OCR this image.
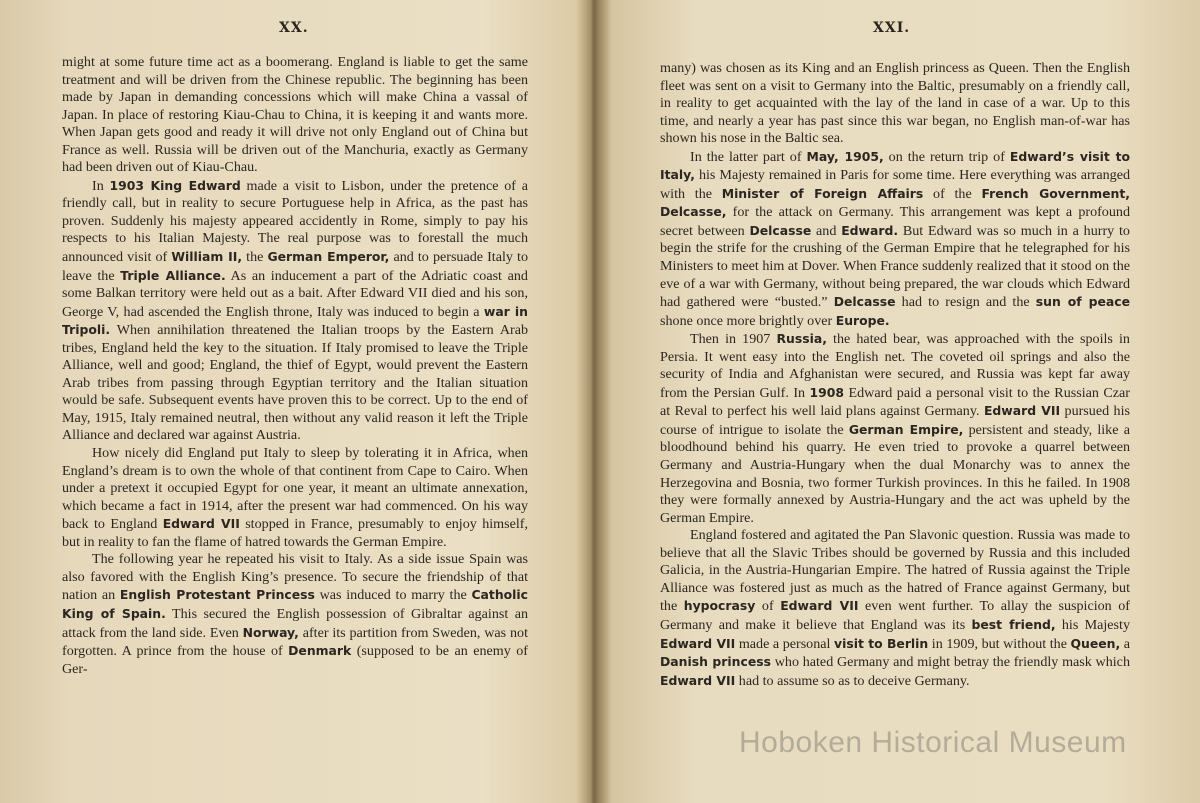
XX.

might at some future time act as a boomerang. England is liable to get the same treatment and will be driven from the Chinese republic. The beginning has been made by Japan in demanding concessions which will make China a vassal of Japan. In place of restoring Kiau-Chau to China, it is keeping it and wants more. When Japan gets good and ready it will drive not only England out of China but France as well. Russia will be driven out of the Manchuria, exactly as Germany had been driven out of Kiau-Chau.

In 1903 King Edward made a visit to Lisbon, under the pretence of a friendly call, but in reality to secure Portuguese help in Africa, as the past has proven. Suddenly his majesty appeared accidently in Rome, simply to pay his respects to his Italian Majesty. The real purpose was to forestall the much announced visit of William II, the German Emperor, and to persuade Italy to leave the Triple Alliance. As an inducement a part of the Adriatic coast and some Balkan territory were held out as a bait. After Edward VII died and his son, George V, had ascended the English throne, Italy was induced to begin a war in Tripoli. When annihilation threatened the Italian troops by the Eastern Arab tribes, England held the key to the situation. If Italy promised to leave the Triple Alliance, well and good; England, the thief of Egypt, would prevent the Eastern Arab tribes from passing through Egyptian territory and the Italian situation would be safe. Subsequent events have proven this to be correct. Up to the end of May, 1915, Italy remained neutral, then without any valid reason it left the Triple Alliance and declared war against Austria.

How nicely did England put Italy to sleep by tolerating it in Africa, when England’s dream is to own the whole of that continent from Cape to Cairo. When under a pretext it occupied Egypt for one year, it meant an ultimate annexation, which became a fact in 1914, after the present war had commenced. On his way back to England Edward VII stopped in France, presumably to enjoy himself, but in reality to fan the flame of hatred towards the German Empire.

The following year he repeated his visit to Italy. As a side issue Spain was also favored with the English King’s presence. To secure the friendship of that nation an English Protestant Princess was induced to marry the Catholic King of Spain. This secured the English possession of Gibraltar against an attack from the land side. Even Norway, after its partition from Sweden, was not forgotten. A prince from the house of Denmark (supposed to be an enemy of Ger-

XXI.

many) was chosen as its King and an English princess as Queen. Then the English fleet was sent on a visit to Germany into the Baltic, presumably on a friendly call, in reality to get acquainted with the lay of the land in case of a war. Up to this time, and nearly a year has past since this war began, no English man-of-war has shown his nose in the Baltic sea.

In the latter part of May, 1905, on the return trip of Edward’s visit to Italy, his Majesty remained in Paris for some time. Here everything was arranged with the Minister of Foreign Affairs of the French Government, Delcasse, for the attack on Germany. This arrangement was kept a profound secret between Delcasse and Edward. But Edward was so much in a hurry to begin the strife for the crushing of the German Empire that he telegraphed for his Ministers to meet him at Dover. When France suddenly realized that it stood on the eve of a war with Germany, without being prepared, the war clouds which Edward had gathered were “busted.” Delcasse had to resign and the sun of peace shone once more brightly over Europe.

Then in 1907 Russia, the hated bear, was approached with the spoils in Persia. It went easy into the English net. The coveted oil springs and also the security of India and Afghanistan were secured, and Russia was kept far away from the Persian Gulf. In 1908 Edward paid a personal visit to the Russian Czar at Reval to perfect his well laid plans against Germany. Edward VII pursued his course of intrigue to isolate the German Empire, persistent and steady, like a bloodhound behind his quarry. He even tried to provoke a quarrel between Germany and Austria-Hungary when the dual Monarchy was to annex the Herzegovina and Bosnia, two former Turkish provinces. In this he failed. In 1908 they were formally annexed by Austria-Hungary and the act was upheld by the German Empire.

England fostered and agitated the Pan Slavonic question. Russia was made to believe that all the Slavic Tribes should be governed by Russia and this included Galicia, in the Austria-Hungarian Empire. The hatred of Russia against the Triple Alliance was fostered just as much as the hatred of France against Germany, but the hypocrasy of Edward VII even went further. To allay the suspicion of Germany and make it believe that England was its best friend, his Majesty Edward VII made a personal visit to Berlin in 1909, but without the Queen, a Danish princess who hated Germany and might betray the friendly mask which Edward VII had to assume so as to deceive Germany.

Hoboken Historical Museum
